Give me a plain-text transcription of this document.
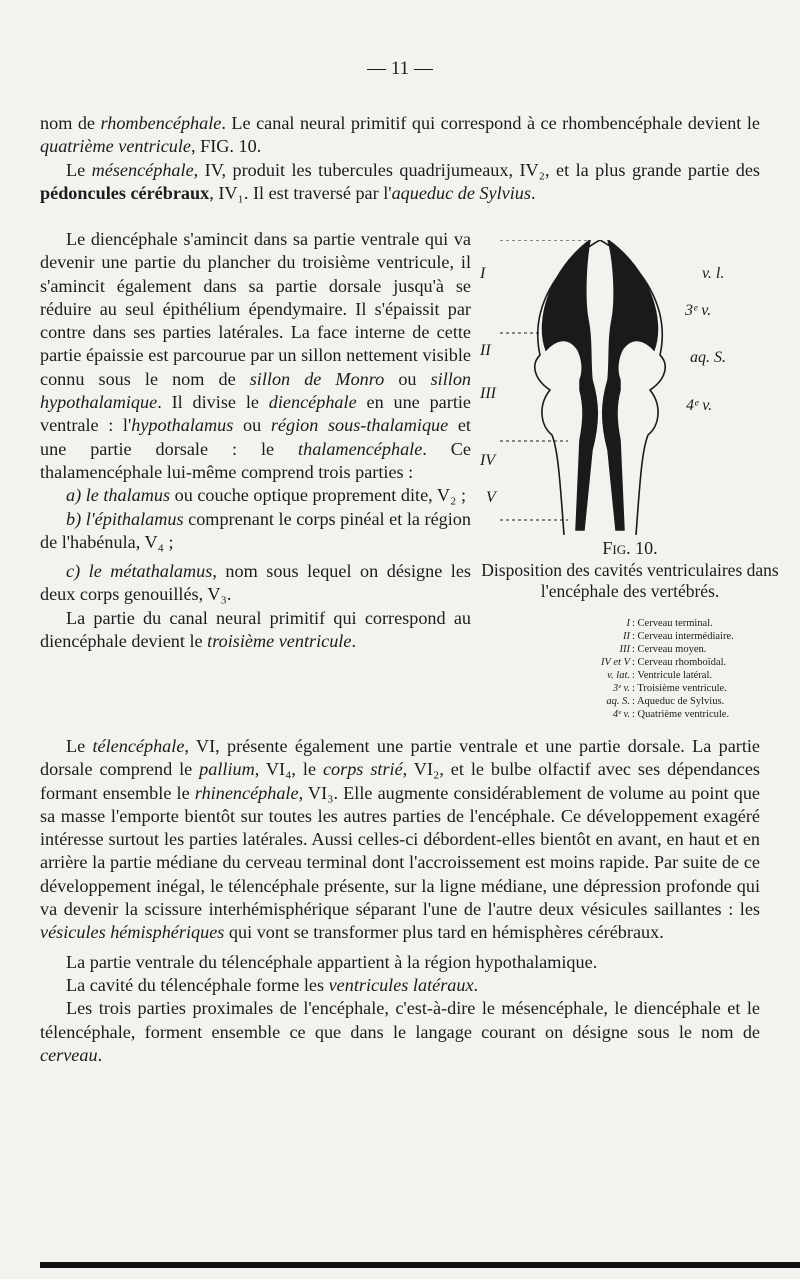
— 11 —

nom de rhombencéphale. Le canal neural primitif qui correspond à ce rhombencéphale devient le quatrième ventricule, FIG. 10.

Le mésencéphale, IV, produit les tubercules quadrijumeaux, IV₂, et la plus grande partie des pédoncules cérébraux, IV₁. Il est traversé par l'aqueduc de Sylvius.

Le diencéphale s'amincit dans sa partie ventrale qui va devenir une partie du plancher du troisième ventricule, il s'amincit également dans sa partie dorsale jusqu'à se réduire au seul épithélium épendymaire. Il s'épaissit par contre dans ses parties latérales. La face interne de cette partie épaissie est parcourue par un sillon nettement visible connu sous le nom de sillon de Monro ou sillon hypothalamique. Il divise le diencéphale en une partie ventrale : l'hypothalamus ou région sous-thalamique et une partie dorsale : le thalamencéphale. Ce thalamencéphale lui-même comprend trois parties :

a) le thalamus ou couche optique proprement dite, V₂ ;

b) l'épithalamus comprenant le corps pinéal et la région de l'habénula, V₄ ;

c) le métathalamus, nom sous lequel on désigne les deux corps genouillés, V₃.

La partie du canal neural primitif qui correspond au diencéphale devient le troisième ventricule.

I
II
III
IV
V
v. l.
3ᵉ v.
aq. S.
4ᵉ v.
Fig. 10.
Disposition des cavités ventriculaires dans l'encéphale des vertébrés.
I : Cerveau terminal.
II : Cerveau intermédiaire.
III : Cerveau moyen.
IV et V : Cerveau rhomboïdal.
v. lat. : Ventricule latéral.
3ᵉ v. : Troisième ventricule.
aq. S. : Aqueduc de Sylvius.
4ᵉ v. : Quatrième ventricule.

Le télencéphale, VI, présente également une partie ventrale et une partie dorsale. La partie dorsale comprend le pallium, VI₄, le corps strié, VI₂, et le bulbe olfactif avec ses dépendances formant ensemble le rhinencéphale, VI₃. Elle augmente considérablement de volume au point que sa masse l'emporte bientôt sur toutes les autres parties de l'encéphale. Ce développement exagéré intéresse surtout les parties latérales. Aussi celles-ci débordent-elles bientôt en avant, en haut et en arrière la partie médiane du cerveau terminal dont l'accroissement est moins rapide. Par suite de ce développement inégal, le télencéphale présente, sur la ligne médiane, une dépression profonde qui va devenir la scissure interhémisphérique séparant l'une de l'autre deux vésicules saillantes : les vésicules hémisphériques qui vont se transformer plus tard en hémisphères cérébraux.

La partie ventrale du télencéphale appartient à la région hypothalamique.

La cavité du télencéphale forme les ventricules latéraux.

Les trois parties proximales de l'encéphale, c'est-à-dire le mésencéphale, le diencéphale et le télencéphale, forment ensemble ce que dans le langage courant on désigne sous le nom de cerveau.
